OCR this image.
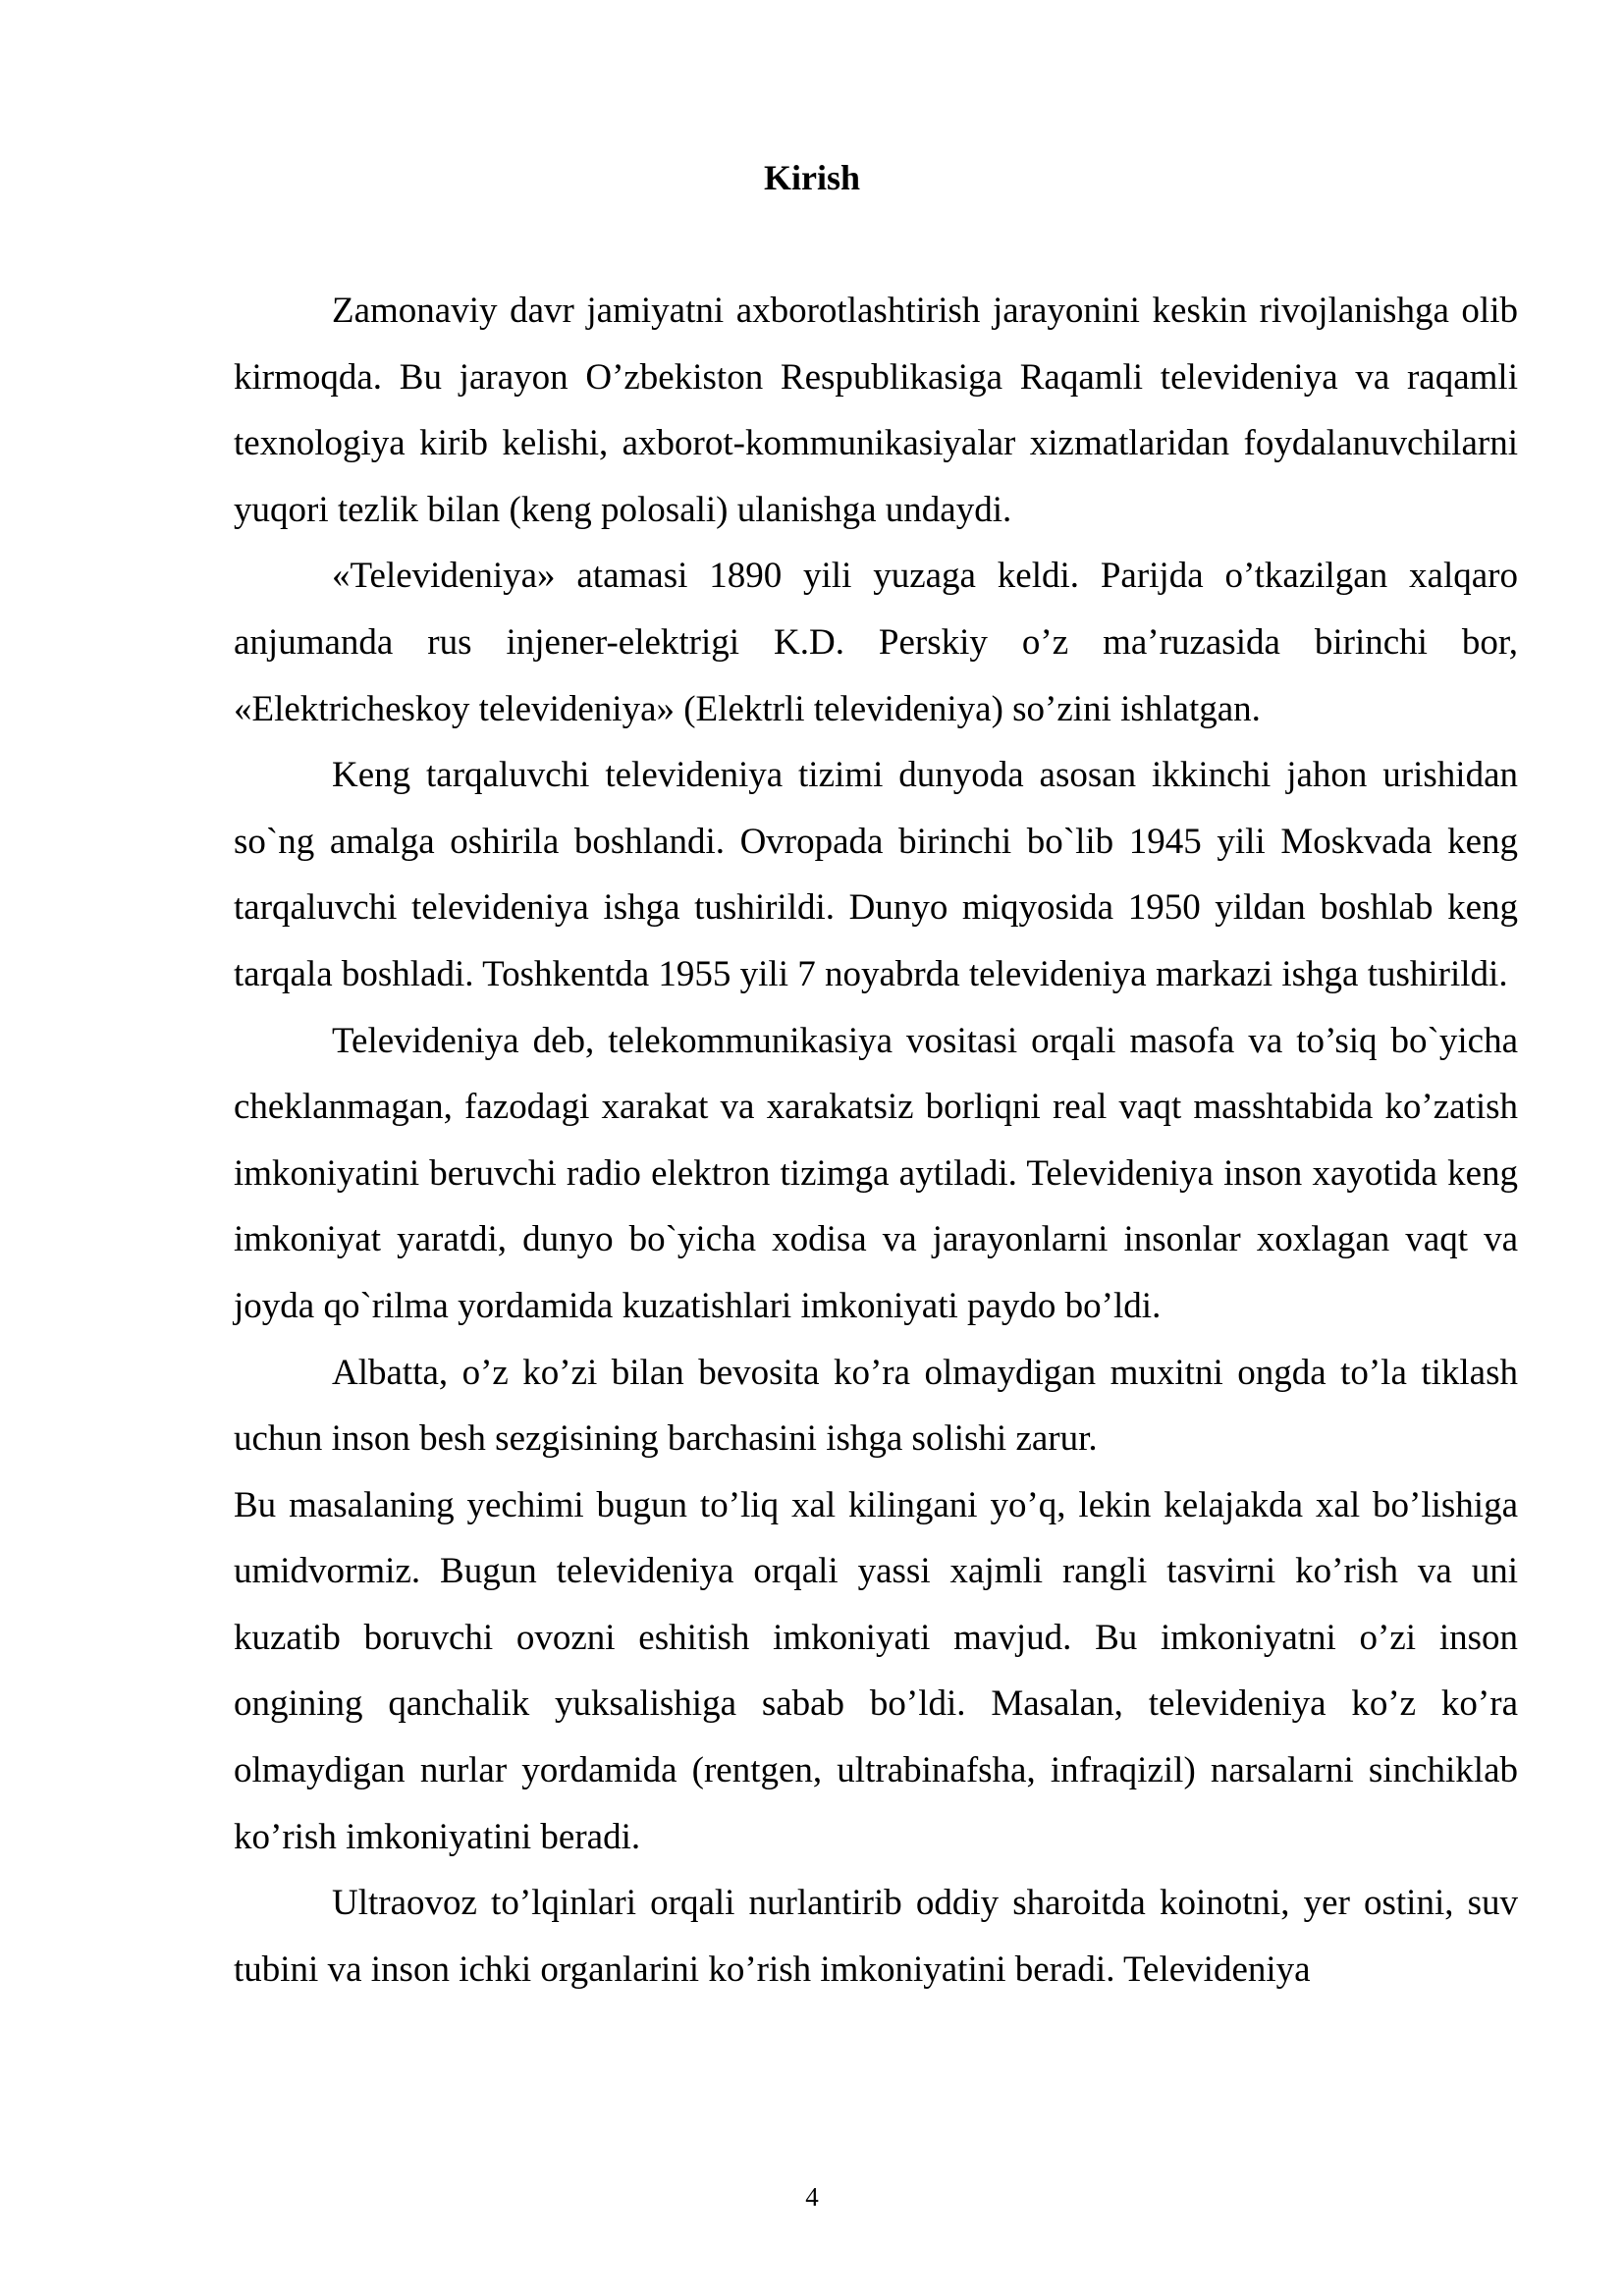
Kirish

Zamonaviy davr jamiyatni axborotlashtirish jarayonini keskin rivojlanishga olib kirmoqda. Bu jarayon O’zbekiston Respublikasiga Raqamli televideniya va raqamli texnologiya kirib kelishi, axborot-kommunikasiyalar xizmatlaridan foydalanuvchilarni yuqori tezlik bilan (keng polosali) ulanishga undaydi.

«Televideniya» atamasi 1890 yili yuzaga keldi. Parijda o’tkazilgan xalqaro anjumanda rus injener-elektrigi K.D. Perskiy o’z ma’ruzasida birinchi bor, «Elektricheskoy televideniya» (Elektrli televideniya) so’zini ishlatgan.

Keng tarqaluvchi televideniya tizimi dunyoda asosan ikkinchi jahon urishidan so`ng amalga oshirila boshlandi. Ovropada birinchi bo`lib 1945 yili Moskvada keng tarqaluvchi televideniya ishga tushirildi. Dunyo miqyosida 1950 yildan boshlab keng tarqala boshladi. Toshkentda 1955 yili 7 noyabrda televideniya markazi ishga tushirildi.

Televideniya deb, telekommunikasiya vositasi orqali masofa va to’siq bo`yicha cheklanmagan, fazodagi xarakat va xarakatsiz borliqni real vaqt masshtabida ko’zatish imkoniyatini beruvchi radio elektron tizimga aytiladi. Televideniya inson xayotida keng imkoniyat yaratdi, dunyo bo`yicha xodisa va jarayonlarni insonlar xoxlagan vaqt va joyda qo`rilma yordamida kuzatishlari imkoniyati paydo bo’ldi.

Albatta, o’z ko’zi bilan bevosita ko’ra olmaydigan muxitni ongda to’la tiklash uchun inson besh sezgisining barchasini ishga solishi zarur.

Bu masalaning yechimi bugun to’liq xal kilingani yo’q, lekin kelajakda xal bo’lishiga umidvormiz. Bugun televideniya orqali yassi xajmli rangli tasvirni ko’rish va uni kuzatib boruvchi ovozni eshitish imkoniyati mavjud. Bu imkoniyatni o’zi inson ongining qanchalik yuksalishiga sabab bo’ldi. Masalan, televideniya ko’z ko’ra olmaydigan nurlar yordamida (rentgen, ultrabinafsha, infraqizil) narsalarni sinchiklab ko’rish imkoniyatini beradi.

Ultraovoz to’lqinlari orqali nurlantirib oddiy sharoitda koinotni, yer ostini, suv tubini va inson ichki organlarini ko’rish imkoniyatini beradi. Televideniya

4
